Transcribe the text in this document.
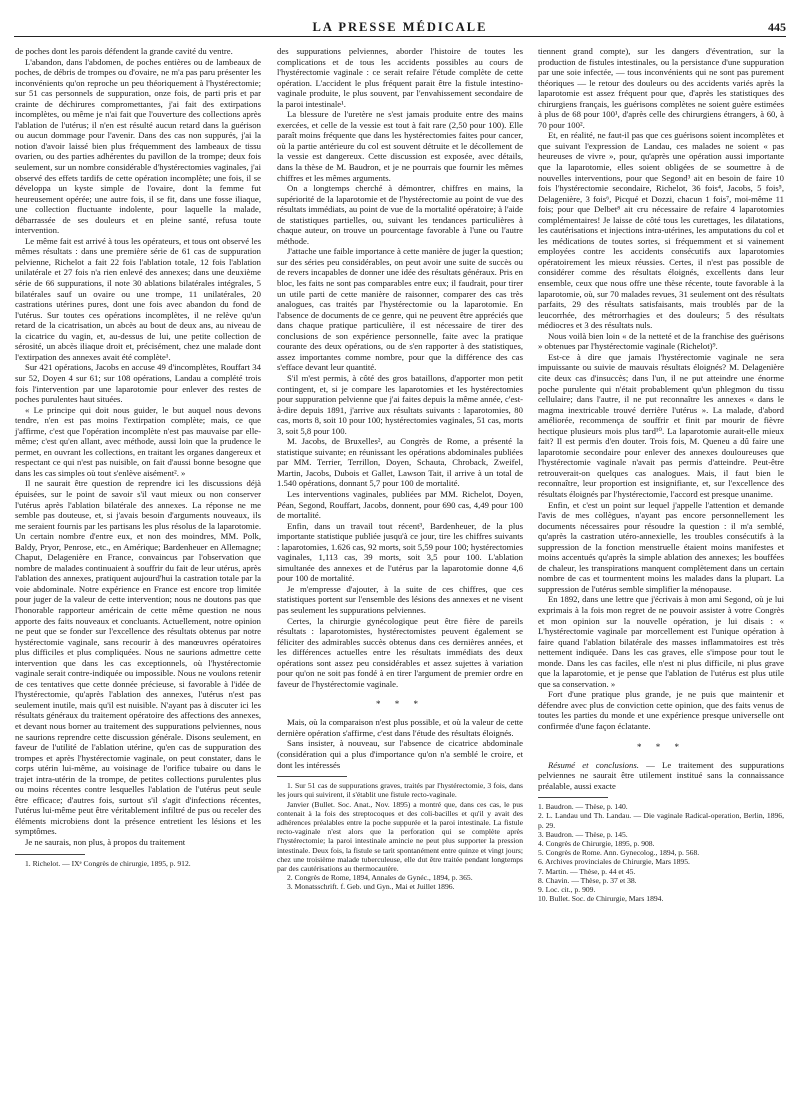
LA PRESSE MÉDICALE	445

de poches dont les parois défendent la grande cavité du ventre.

L'abandon, dans l'abdomen, de poches entières ou de lambeaux de poches, de débris de trompes ou d'ovaire, ne m'a pas paru présenter les inconvénients qu'on reproche un peu théoriquement à l'hystérectomie; sur 51 cas personnels de suppuration, onze fois, de parti pris et par crainte de déchirures compromettantes, j'ai fait des extirpations incomplètes, ou même je n'ai fait que l'ouverture des collections après l'ablation de l'utérus; il n'en est résulté aucun retard dans la guérison ou aucun dommage pour l'avenir. Dans des cas non suppurés, j'ai la notion d'avoir laissé bien plus fréquemment des lambeaux de tissu ovarien, ou des parties adhérentes du pavillon de la trompe; deux fois seulement, sur un nombre considérable d'hystérectomies vaginales, j'ai observé des effets tardifs de cette opération incomplète; une fois, il se développa un kyste simple de l'ovaire, dont la femme fut heureusement opérée; une autre fois, il se fit, dans une fosse iliaque, une collection fluctuante indolente, pour laquelle la malade, débarrassée de ses douleurs et en pleine santé, refusa toute intervention.

Le même fait est arrivé à tous les opérateurs, et tous ont observé les mêmes résultats : dans une première série de 61 cas de suppuration pelvienne, Richelot a fait 22 fois l'ablation totale, 12 fois l'ablation unilatérale et 27 fois n'a rien enlevé des annexes; dans une deuxième série de 66 suppurations, il note 30 ablations bilatérales intégrales, 5 bilatérales sauf un ovaire ou une trompe, 11 unilatérales, 20 castrations utérines pures, dont une fois avec abandon du fond de l'utérus. Sur toutes ces opérations incomplètes, il ne relève qu'un retard de la cicatrisation, un abcès au bout de deux ans, au niveau de la cicatrice du vagin, et, au-dessus de lui, une petite collection de sérosité, un abcès iliaque droit et, précisément, chez une malade dont l'extirpation des annexes avait été complète¹.

Sur 421 opérations, Jacobs en accuse 49 d'incomplètes, Rouffart 34 sur 52, Doyen 4 sur 61; sur 108 opérations, Landau a complété trois fois l'intervention par une laparotomie pour enlever des restes de poches purulentes haut situées.

« Le principe qui doit nous guider, le but auquel nous devons tendre, n'en est pas moins l'extirpation complète; mais, ce que j'affirme, c'est que l'opération incomplète n'est pas mauvaise par elle-même; c'est qu'en allant, avec méthode, aussi loin que la prudence le permet, en ouvrant les collections, en traitant les organes dangereux et respectant ce qui n'est pas nuisible, on fait d'aussi bonne besogne que dans les cas simples où tout s'enlève aisément². »

Il ne saurait être question de reprendre ici les discussions déjà épuisées, sur le point de savoir s'il vaut mieux ou non conserver l'utérus après l'ablation bilatérale des annexes. La réponse ne me semble pas douteuse, et, si j'avais besoin d'arguments nouveaux, ils me seraient fournis par les partisans les plus résolus de la laparotomie. Un certain nombre d'entre eux, et non des moindres, MM. Polk, Baldy, Pryor, Penrose, etc., en Amérique; Bardenheuer en Allemagne; Chaput, Delagenière en France, convaincus par l'observation que nombre de malades continuaient à souffrir du fait de leur utérus, après l'ablation des annexes, pratiquent aujourd'hui la castration totale par la voie abdominale. Notre expérience en France est encore trop limitée pour juger de la valeur de cette intervention; nous ne doutons pas que l'honorable rapporteur américain de cette même question ne nous apporte des faits nouveaux et concluants. Actuellement, notre opinion ne peut que se fonder sur l'excellence des résultats obtenus par notre hystérectomie vaginale, sans recourir à des manœuvres opératoires plus difficiles et plus compliquées. Nous ne saurions admettre cette intervention que dans les cas exceptionnels, où l'hystérectomie vaginale serait contre-indiquée ou impossible. Nous ne voulons retenir de ces tentatives que cette donnée précieuse, si favorable à l'idée de l'hystérectomie, qu'après l'ablation des annexes, l'utérus n'est pas seulement inutile, mais qu'il est nuisible. N'ayant pas à discuter ici les résultats généraux du traitement opératoire des affections des annexes, et devant nous borner au traitement des suppurations pelviennes, nous ne saurions reprendre cette discussion générale. Disons seulement, en faveur de l'utilité de l'ablation utérine, qu'en cas de suppuration des trompes et après l'hystérectomie vaginale, on peut constater, dans le corps utérin lui-même, au voisinage de l'orifice tubaire ou dans le trajet intra-utérin de la trompe, de petites collections purulentes plus ou moins récentes contre lesquelles l'ablation de l'utérus peut seule être efficace; d'autres fois, surtout s'il s'agit d'infections récentes, l'utérus lui-même peut être véritablement infiltré de pus ou receler des éléments microbiens dont la présence entretient les lésions et les symptômes.

Je ne saurais, non plus, à propos du traitement

1. Richelot. — IXᵉ Congrès de chirurgie, 1895, p. 912.

des suppurations pelviennes, aborder l'histoire de toutes les complications et de tous les accidents possibles au cours de l'hystérectomie vaginale : ce serait refaire l'étude complète de cette opération. L'accident le plus fréquent parait être la fistule intestino-vaginale produite, le plus souvent, par l'envahissement secondaire de la paroi intestinale¹.

La blessure de l'uretère ne s'est jamais produite entre des mains exercées, et celle de la vessie est tout à fait rare (2,50 pour 100). Elle paraît moins fréquente que dans les hystérectomies faites pour cancer, où la partie antérieure du col est souvent détruite et le décollement de la vessie est dangereux. Cette discussion est exposée, avec détails, dans la thèse de M. Baudron, et je ne pourrais que fournir les mêmes chiffres et les mêmes arguments.

On a longtemps cherché à démontrer, chiffres en mains, la supériorité de la laparotomie et de l'hystérectomie au point de vue des résultats immédiats, au point de vue de la mortalité opératoire; à l'aide de statistiques partielles, ou, suivant les tendances particulières à chaque auteur, on trouve un pourcentage favorable à l'une ou l'autre méthode.

J'attache une faible importance à cette manière de juger la question; sur des séries peu considérables, on peut avoir une suite de succès ou de revers incapables de donner une idée des résultats généraux. Pris en bloc, les faits ne sont pas comparables entre eux; il faudrait, pour tirer un utile parti de cette manière de raisonner, comparer des cas très analogues, cas traités par l'hystérectomie ou la laparotomie. En l'absence de documents de ce genre, qui ne peuvent être appréciés que dans chaque pratique particulière, il est nécessaire de tirer des conclusions de son expérience personnelle, faite avec la pratique courante des deux opérations, ou de s'en rapporter à des statistiques, assez importantes comme nombre, pour que la différence des cas s'efface devant leur quantité.

S'il m'est permis, à côté des gros bataillons, d'apporter mon petit contingent, et, si je compare les laparotomies et les hystérectomies pour suppuration pelvienne que j'ai faites depuis la même année, c'est-à-dire depuis 1891, j'arrive aux résultats suivants : laparotomies, 80 cas, morts 8, soit 10 pour 100; hystérectomies vaginales, 51 cas, morts 3, soit 5,8 pour 100.

M. Jacobs, de Bruxelles², au Congrès de Rome, a présenté la statistique suivante; en réunissant les opérations abdominales publiées par MM. Terrier, Terrillon, Doyen, Schauta, Chroback, Zweifel, Martin, Jacobs, Dubois et Gallet, Lawson Tait, il arrive à un total de 1.540 opérations, donnant 5,7 pour 100 de mortalité.

Les interventions vaginales, publiées par MM. Richelot, Doyen, Péan, Segond, Rouffart, Jacobs, donnent, pour 690 cas, 4,49 pour 100 de mortalité.

Enfin, dans un travail tout récent³, Bardenheuer, de la plus importante statistique publiée jusqu'à ce jour, tire les chiffres suivants : laparotomies, 1.626 cas, 92 morts, soit 5,59 pour 100; hystérectomies vaginales, 1,113 cas, 39 morts, soit 3,5 pour 100. L'ablation simultanée des annexes et de l'utérus par la laparotomie donne 4,6 pour 100 de mortalité.

Je m'empresse d'ajouter, à la suite de ces chiffres, que ces statistiques portent sur l'ensemble des lésions des annexes et ne visent pas seulement les suppurations pelviennes.

Certes, la chirurgie gynécologique peut être fière de pareils résultats : laparotomistes, hystérectomistes peuvent également se féliciter des admirables succès obtenus dans ces dernières années, et les différences actuelles entre les résultats immédiats des deux opérations sont assez peu considérables et assez sujettes à variation pour qu'on ne soit pas fondé à en tirer l'argument de premier ordre en faveur de l'hystérectomie vaginale.

* * *

Mais, où la comparaison n'est plus possible, et où la valeur de cette dernière opération s'affirme, c'est dans l'étude des résultats éloignés.

Sans insister, à nouveau, sur l'absence de cicatrice abdominale (considération qui a plus d'importance qu'on n'a semblé le croire, et dont les intéressés

1. Sur 51 cas de suppurations graves, traités par l'hystérectomie, 3 fois, dans les jours qui suivirent, il s'établit une fistule recto-vaginale.

Janvier (Bullet. Soc. Anat., Nov. 1895) a montré que, dans ces cas, le pus contenait à la fois des streptocoques et des coli-bacilles et qu'il y avait des adhérences préalables entre la poche suppurée et la paroi intestinale. La fistule recto-vaginale n'est alors que la perforation qui se complète après l'hystérectomie; la paroi intestinale amincie ne peut plus supporter la pression intestinale. Deux fois, la fistule se tarit spontanément entre quinze et vingt jours; chez une troisième malade tuberculeuse, elle dut être traitée pendant longtemps par des cautérisations au thermocautère.

2. Congrès de Rome, 1894, Annales de Gynéc., 1894, p. 365.

3. Monatsschrift. f. Geb. und Gyn., Mai et Juillet 1896.

tiennent grand compte), sur les dangers d'éventration, sur la production de fistules intestinales, ou la persistance d'une suppuration par une soie infectée, — tous inconvénients qui ne sont pas purement théoriques — le retour des douleurs ou des accidents variés après la laparotomie est assez fréquent pour que, d'après les statistiques des chirurgiens français, les guérisons complètes ne soient guère estimées à plus de 68 pour 100¹, d'après celle des chirurgiens étrangers, à 60, à 70 pour 100².

Et, en réalité, ne faut-il pas que ces guérisons soient incomplètes et que suivant l'expression de Landau, ces malades ne soient « pas heureuses de vivre », pour, qu'après une opération aussi importante que la laparotomie, elles soient obligées de se soumettre à de nouvelles interventions, pour que Segond³ ait en besoin de faire 10 fois l'hystérectomie secondaire, Richelot, 36 fois⁴, Jacobs, 5 fois⁵, Delagenière, 3 fois⁶, Picqué et Dozzi, chacun 1 fois⁷, moi-même 11 fois; pour que Delbet⁸ ait cru nécessaire de refaire 4 laparotomies complémentaires! Je laisse de côté tous les curettages, les dilatations, les cautérisations et injections intra-utérines, les amputations du col et les médications de toutes sortes, si fréquemment et si vainement employées contre les accidents consécutifs aux laparotomies opératoirement les mieux réussies. Certes, il n'est pas possible de considérer comme des résultats éloignés, excellents dans leur ensemble, ceux que nous offre une thèse récente, toute favorable à la laparotomie, où, sur 70 malades revues, 31 seulement ont des résultats parfaits, 29 des résultats satisfaisants, mais troublés par de la leucorrhée, des métrorrhagies et des douleurs; 5 des résultats médiocres et 3 des résultats nuls.

Nous voilà bien loin « de la netteté et de la franchise des guérisons » obtenues par l'hystérectomie vaginale (Richelot)⁹.

Est-ce à dire que jamais l'hystérectomie vaginale ne sera impuissante ou suivie de mauvais résultats éloignés? M. Delagenière cite deux cas d'insuccès; dans l'un, il ne put atteindre une énorme poche purulente qui n'était probablement qu'un phlegmon du tissu cellulaire; dans l'autre, il ne put reconnaître les annexes « dans le magma inextricable trouvé derrière l'utérus ». La malade, d'abord améliorée, recommença de souffrir et finit par mourir de fièvre hectique plusieurs mois plus tard¹⁰. La laparotomie aurait-elle mieux fait? Il est permis d'en douter. Trois fois, M. Queneu a dû faire une laparotomie secondaire pour enlever des annexes douloureuses que l'hystérectomie vaginale n'avait pas permis d'atteindre. Peut-être retrouverait-on quelques cas analogues. Mais, il faut bien le reconnaître, leur proportion est insignifiante, et, sur l'excellence des résultats éloignés par l'hystérectomie, l'accord est presque unanime.

Enfin, et c'est un point sur lequel j'appelle l'attention et demande l'avis de mes collègues, n'ayant pas encore personnellement les documents nécessaires pour résoudre la question : il m'a semblé, qu'après la castration utéro-annexielle, les troubles consécutifs à la suppression de la fonction menstruelle étaient moins manifestes et moins accentués qu'après la simple ablation des annexes; les bouffées de chaleur, les transpirations manquent complètement dans un certain nombre de cas et tourmentent moins les malades dans la plupart. La suppression de l'utérus semble simplifier la ménopause.

En 1892, dans une lettre que j'écrivais à mon ami Segond, où je lui exprimais à la fois mon regret de ne pouvoir assister à votre Congrès et mon opinion sur la nouvelle opération, je lui disais : « L'hystérectomie vaginale par morcellement est l'unique opération à faire quand l'ablation bilatérale des masses inflammatoires est très nettement indiquée. Dans les cas graves, elle s'impose pour tout le monde. Dans les cas faciles, elle n'est ni plus difficile, ni plus grave que la laparotomie, et je pense que l'ablation de l'utérus est plus utile que sa conservation. »

Fort d'une pratique plus grande, je ne puis que maintenir et défendre avec plus de conviction cette opinion, que des faits venus de toutes les parties du monde et une expérience presque universelle ont confirmée d'une façon éclatante.

* * *

Résumé et conclusions. — Le traitement des suppurations pelviennes ne saurait être utilement institué sans la connaissance préalable, aussi exacte

1. Baudron. — Thèse, p. 140.
2. L. Landau und Th. Landau. — Die vaginale Radical-operation, Berlin, 1896, p. 29.
3. Baudron. — Thèse, p. 145.
4. Congrès de Chirurgie, 1895, p. 908.
5. Congrès de Rome. Ann. Gynecolog., 1894, p. 568.
6. Archives provinciales de Chirurgie, Mars 1895.
7. Martin. — Thèse, p. 44 et 45.
8. Chavin. — Thèse, p. 37 et 38.
9. Loc. cit., p. 909.
10. Bullet. Soc. de Chirurgie, Mars 1894.
